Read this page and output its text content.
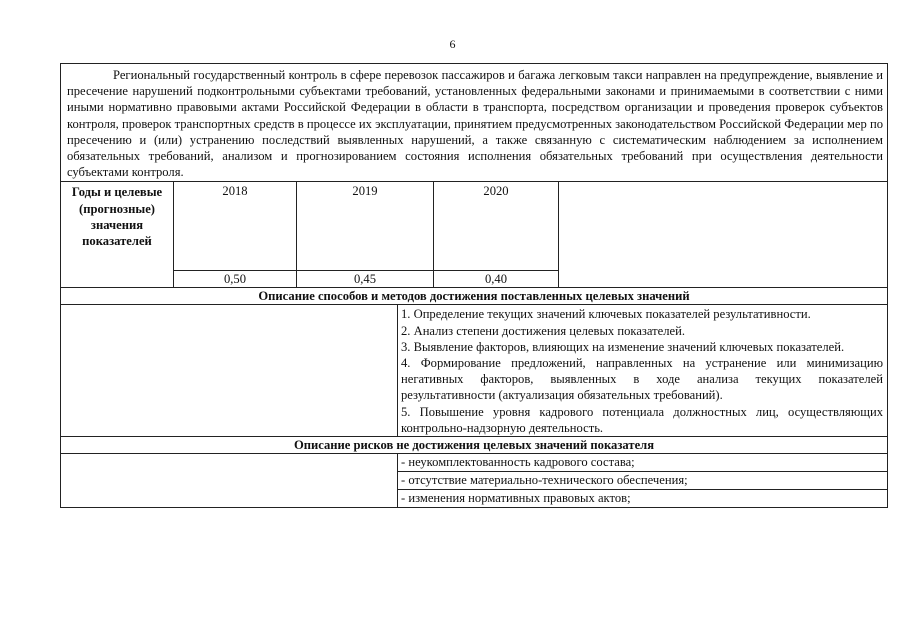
6

Региональный государственный контроль в сфере перевозок пассажиров и багажа легковым такси направлен на предупреждение, выявление и пресечение нарушений подконтрольными субъектами требований, установленных федеральными законами и принимаемыми в соответствии с ними иными нормативно правовыми актами Российской Федерации в области в транспорта, посредством организации и проведения проверок субъектов контроля, проверок транспортных средств в процессе их эксплуатации, принятием предусмотренных законодательством Российской Федерации мер по пресечению и (или) устранению последствий выявленных нарушений, а также связанную с систематическим наблюдением за исполнением обязательных требований, анализом и прогнозированием состояния исполнения обязательных требований при осуществления деятельности субъектами контроля.

Годы и целевые (прогнозные) значения показателей
2018
0,50
2019
0,45
2020
0,40
Описание способов и методов достижения поставленных целевых значений
1. Определение текущих значений ключевых показателей результативности.
2. Анализ степени достижения целевых показателей.
3. Выявление факторов, влияющих на изменение значений ключевых показателей.
4. Формирование предложений, направленных на устранение или минимизацию негативных факторов, выявленных в ходе анализа текущих показателей результативности (актуализация обязательных требований).
5. Повышение уровня кадрового потенциала должностных лиц, осуществляющих контрольно-надзорную деятельность.
Описание рисков не достижения целевых значений показателя
- неукомплектованность кадрового состава;
- отсутствие материально-технического обеспечения;
- изменения нормативных правовых актов;
